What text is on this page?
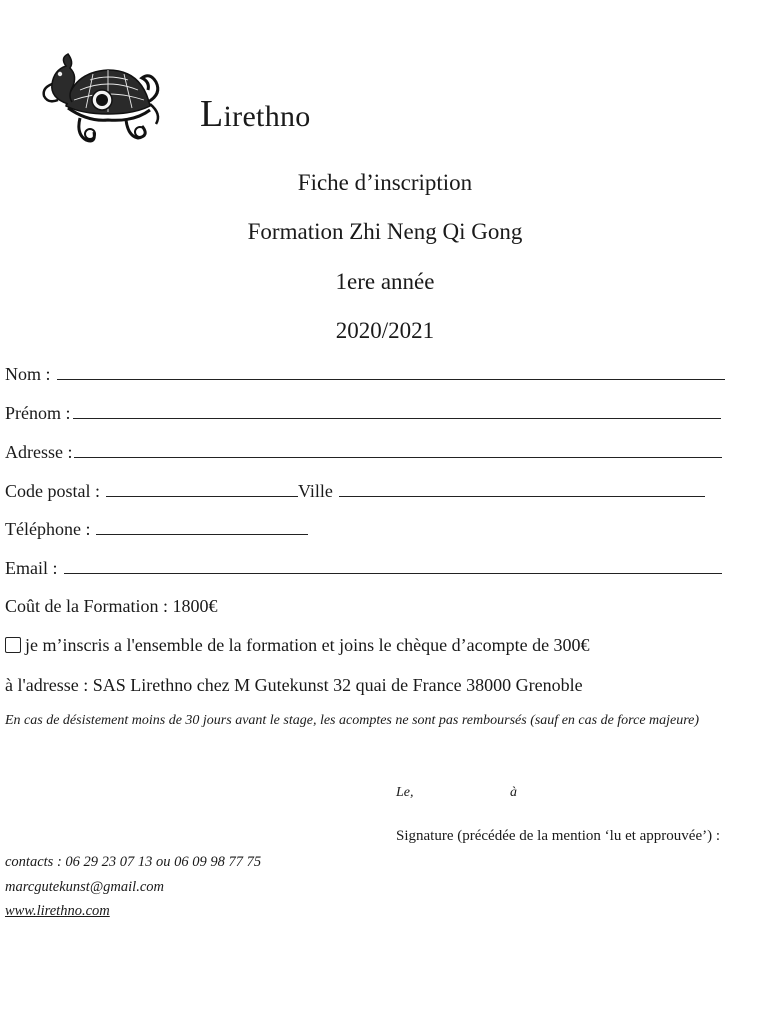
Lirethno
Fiche d’inscription
Formation Zhi Neng Qi Gong
1ere année
2020/2021
Nom :
Prénom :
Adresse :
Code postal :	Ville
Téléphone :
Email :
Coût de la Formation : 1800€
je m’inscris a l'ensemble de la formation et joins le chèque d’acompte de 300€
à l'adresse : SAS Lirethno chez M Gutekunst 32 quai de France 38000 Grenoble
En cas de désistement moins de 30 jours avant le stage, les acomptes ne sont pas remboursés (sauf en cas de force majeure)
Le,	à
Signature (précédée de la mention ‘lu et approuvée’) :
contacts : 06 29 23 07 13 ou 06 09 98 77 75
marcgutekunst@gmail.com
www.lirethno.com
